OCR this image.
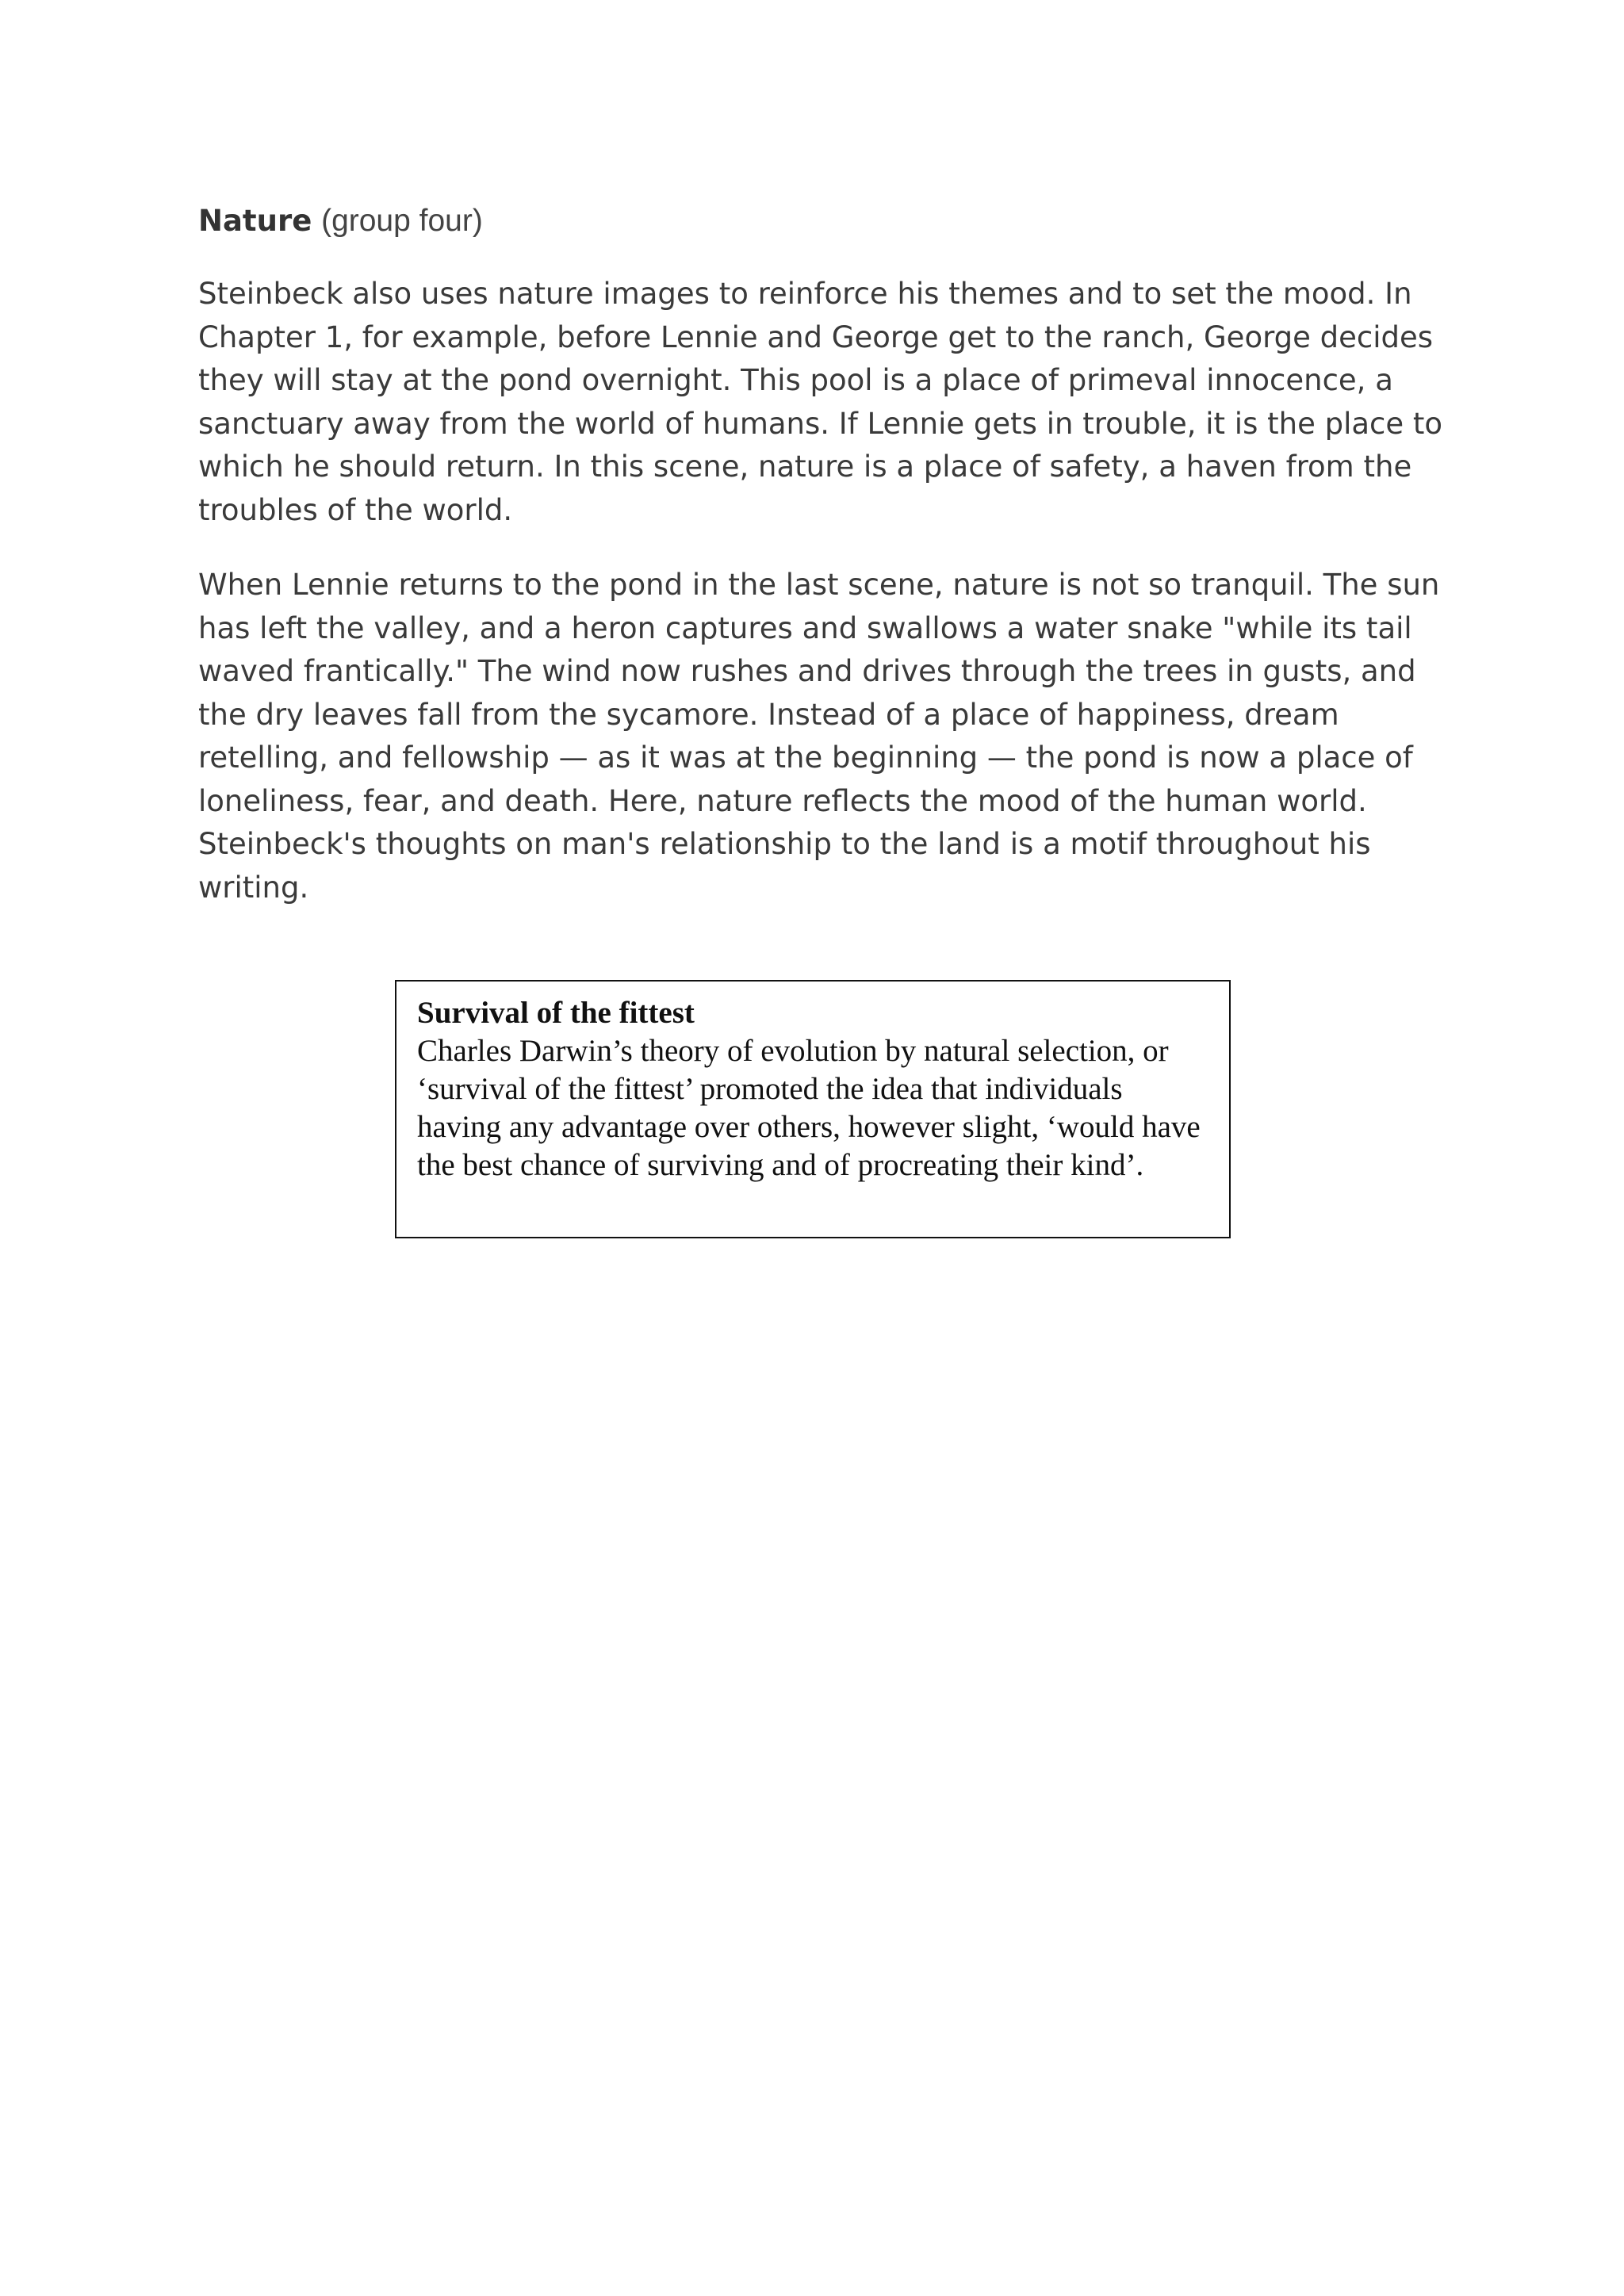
Nature (group four)

Steinbeck also uses nature images to reinforce his themes and to set the mood. In Chapter 1, for example, before Lennie and George get to the ranch, George decides they will stay at the pond overnight. This pool is a place of primeval innocence, a sanctuary away from the world of humans. If Lennie gets in trouble, it is the place to which he should return. In this scene, nature is a place of safety, a haven from the troubles of the world.

When Lennie returns to the pond in the last scene, nature is not so tranquil. The sun has left the valley, and a heron captures and swallows a water snake "while its tail waved frantically." The wind now rushes and drives through the trees in gusts, and the dry leaves fall from the sycamore. Instead of a place of happiness, dream retelling, and fellowship — as it was at the beginning — the pond is now a place of loneliness, fear, and death. Here, nature reflects the mood of the human world. Steinbeck's thoughts on man's relationship to the land is a motif throughout his writing.

Survival of the fittest
Charles Darwin’s theory of evolution by natural selection, or ‘survival of the fittest’ promoted the idea that individuals having any advantage over others, however slight, ‘would have the best chance of surviving and of procreating their kind’.
